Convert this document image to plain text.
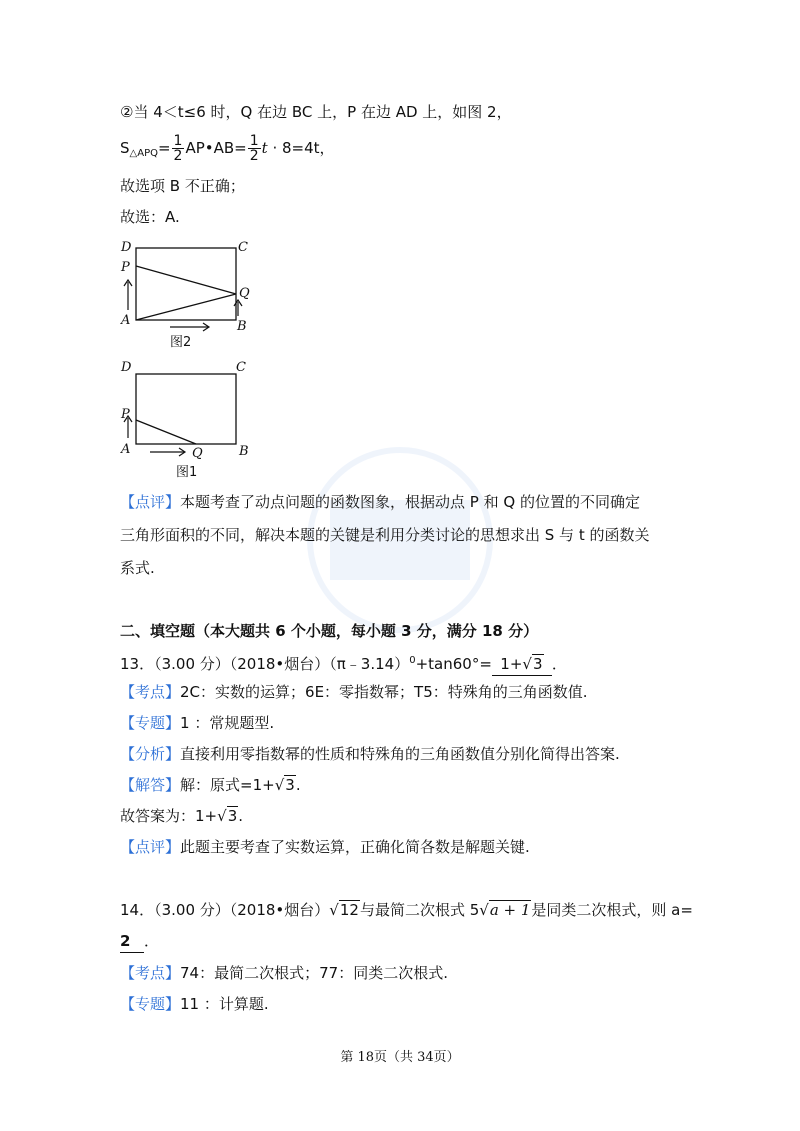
②当 4＜t≤6 时，Q 在边 BC 上，P 在边 AD 上，如图 2，
$S_{\triangle APQ}= \frac{1}{2}$ AP•AB= $\frac{1}{2}$ t · 8=4t，
故选项 B 不正确；
故选：A.
D	C
P
Q
A	B
图2
D	C
P
Q
A	B
图1
【点评】本题考查了动点问题的函数图象，根据动点 P 和 Q 的位置的不同确定
三角形面积的不同，解决本题的关键是利用分类讨论的思想求出 S 与 t 的函数关
系式.
二、填空题（本大题共 6 个小题，每小题 3 分，满分 18 分）
13．（3.00 分）（2018•烟台）（π﹣3.14）$^0$+tan60°= 1+√3 ．
【考点】2C：实数的运算；6E：零指数幂；T5：特殊角的三角函数值.
【专题】1 ：常规题型.
【分析】直接利用零指数幂的性质和特殊角的三角函数值分别化简得出答案.
【解答】解：原式=1+√3.
故答案为：1+√3.
【点评】此题主要考查了实数运算，正确化简各数是解题关键.
14．（3.00 分）（2018•烟台）√12与最简二次根式 5√a + 1是同类二次根式，则 a=
2 ．
【考点】74：最简二次根式；77：同类二次根式.
【专题】11 ：计算题.
第 18页（共 34页）
